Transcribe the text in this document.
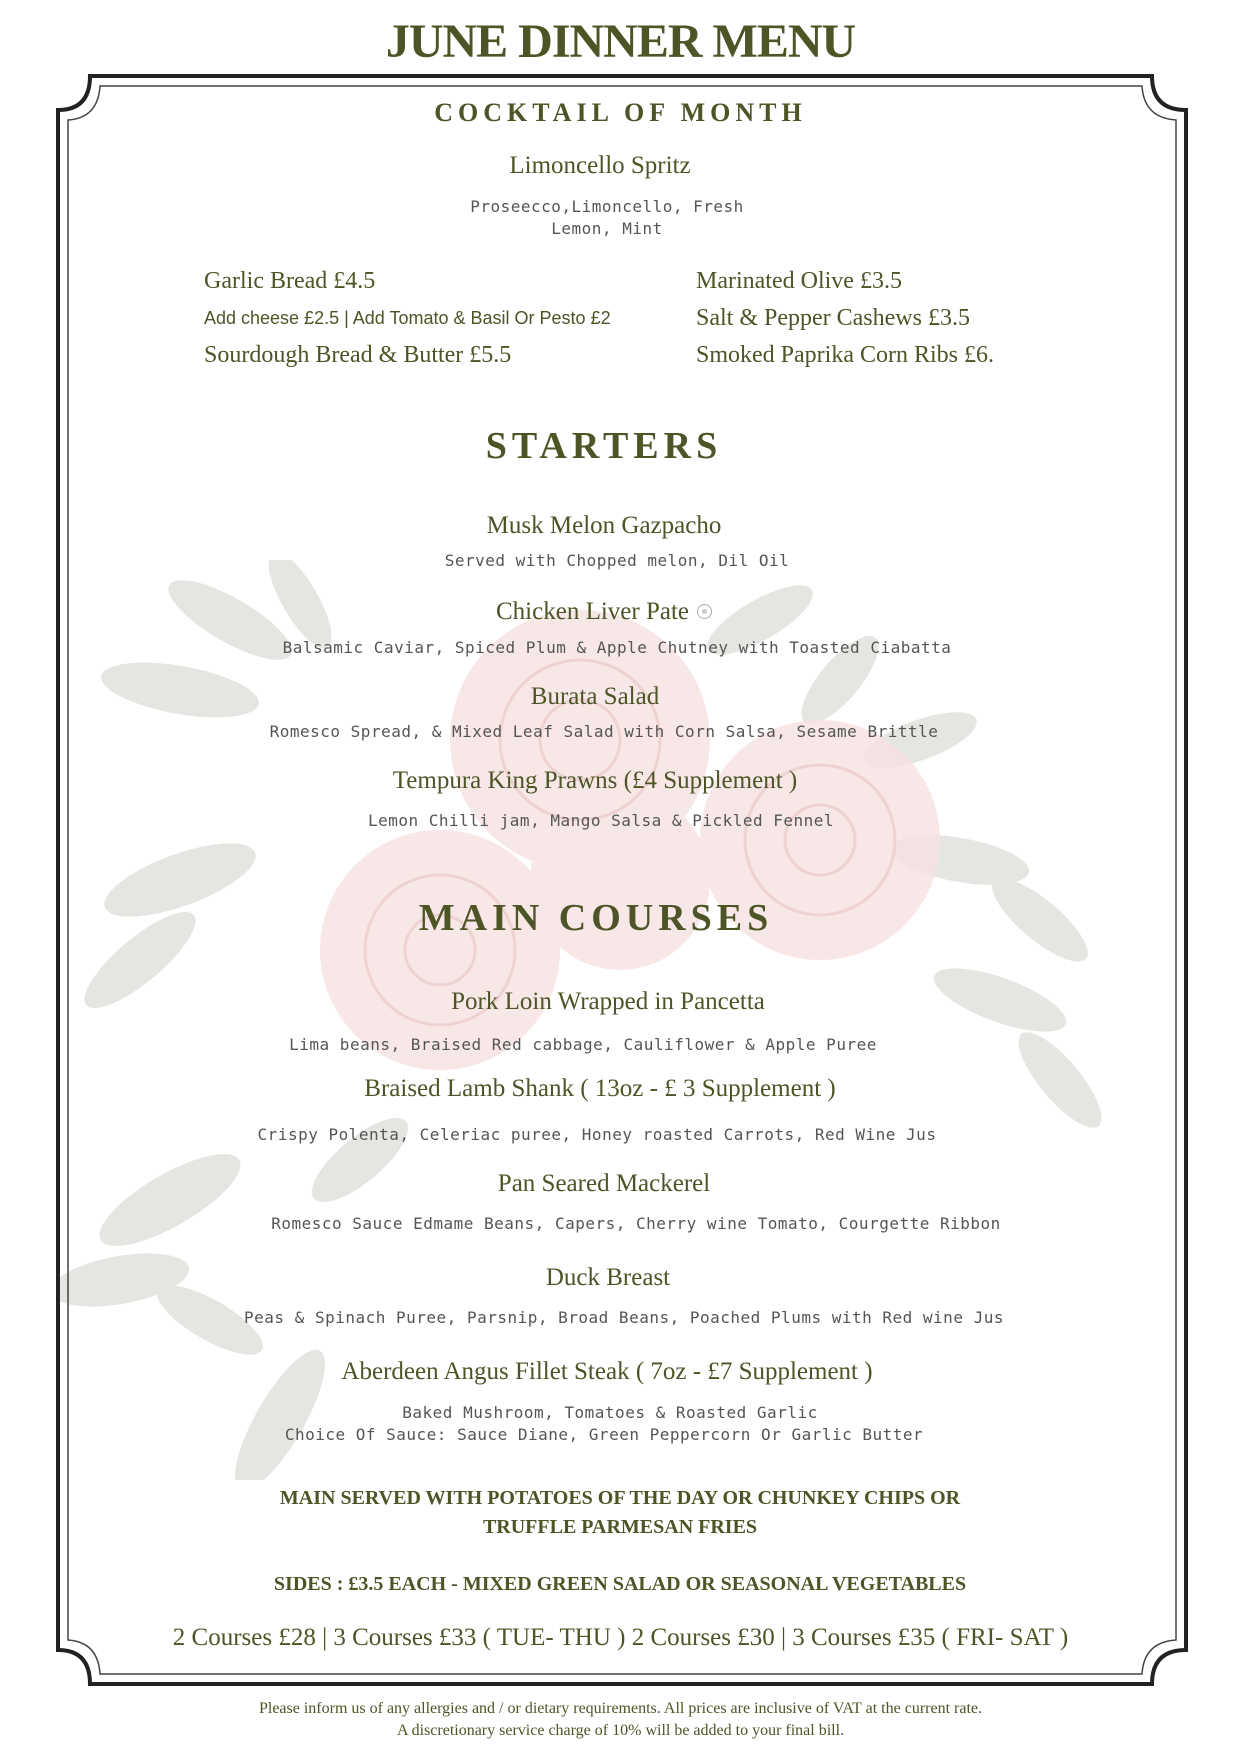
JUNE DINNER MENU
COCKTAIL OF MONTH
Limoncello Spritz
Proseecco,Limoncello, Fresh
Lemon, Mint
Garlic Bread £4.5
Add cheese £2.5 | Add Tomato & Basil Or Pesto £2
Sourdough Bread & Butter £5.5
Marinated Olive £3.5
Salt & Pepper Cashews £3.5
Smoked Paprika Corn Ribs £6.
STARTERS
Musk Melon Gazpacho
Served with Chopped melon, Dil Oil
Chicken Liver Pate
Balsamic Caviar, Spiced Plum & Apple Chutney with Toasted Ciabatta
Burata Salad
Romesco Spread, & Mixed Leaf Salad with Corn Salsa, Sesame Brittle
Tempura King Prawns (£4 Supplement )
Lemon Chilli jam, Mango Salsa & Pickled Fennel
MAIN COURSES
Pork Loin Wrapped in Pancetta
Lima beans, Braised Red cabbage, Cauliflower & Apple Puree
Braised Lamb Shank ( 13oz - £ 3 Supplement )
Crispy Polenta, Celeriac puree, Honey roasted Carrots, Red Wine Jus
Pan Seared Mackerel
Romesco Sauce Edmame Beans, Capers, Cherry wine Tomato, Courgette Ribbon
Duck Breast
Peas & Spinach Puree, Parsnip, Broad Beans, Poached Plums with Red wine Jus
Aberdeen Angus Fillet Steak ( 7oz - £7 Supplement )
Baked Mushroom, Tomatoes & Roasted Garlic
Choice Of Sauce: Sauce Diane, Green Peppercorn Or Garlic Butter
MAIN SERVED WITH POTATOES OF THE DAY OR CHUNKEY CHIPS OR
TRUFFLE PARMESAN FRIES
SIDES : £3.5 EACH - MIXED GREEN SALAD OR SEASONAL VEGETABLES
2 Courses £28 | 3 Courses £33 ( TUE- THU ) 2 Courses £30 | 3 Courses £35 ( FRI- SAT )
Please inform us of any allergies and / or dietary requirements. All prices are inclusive of VAT at the current rate.
A discretionary service charge of 10% will be added to your final bill.
